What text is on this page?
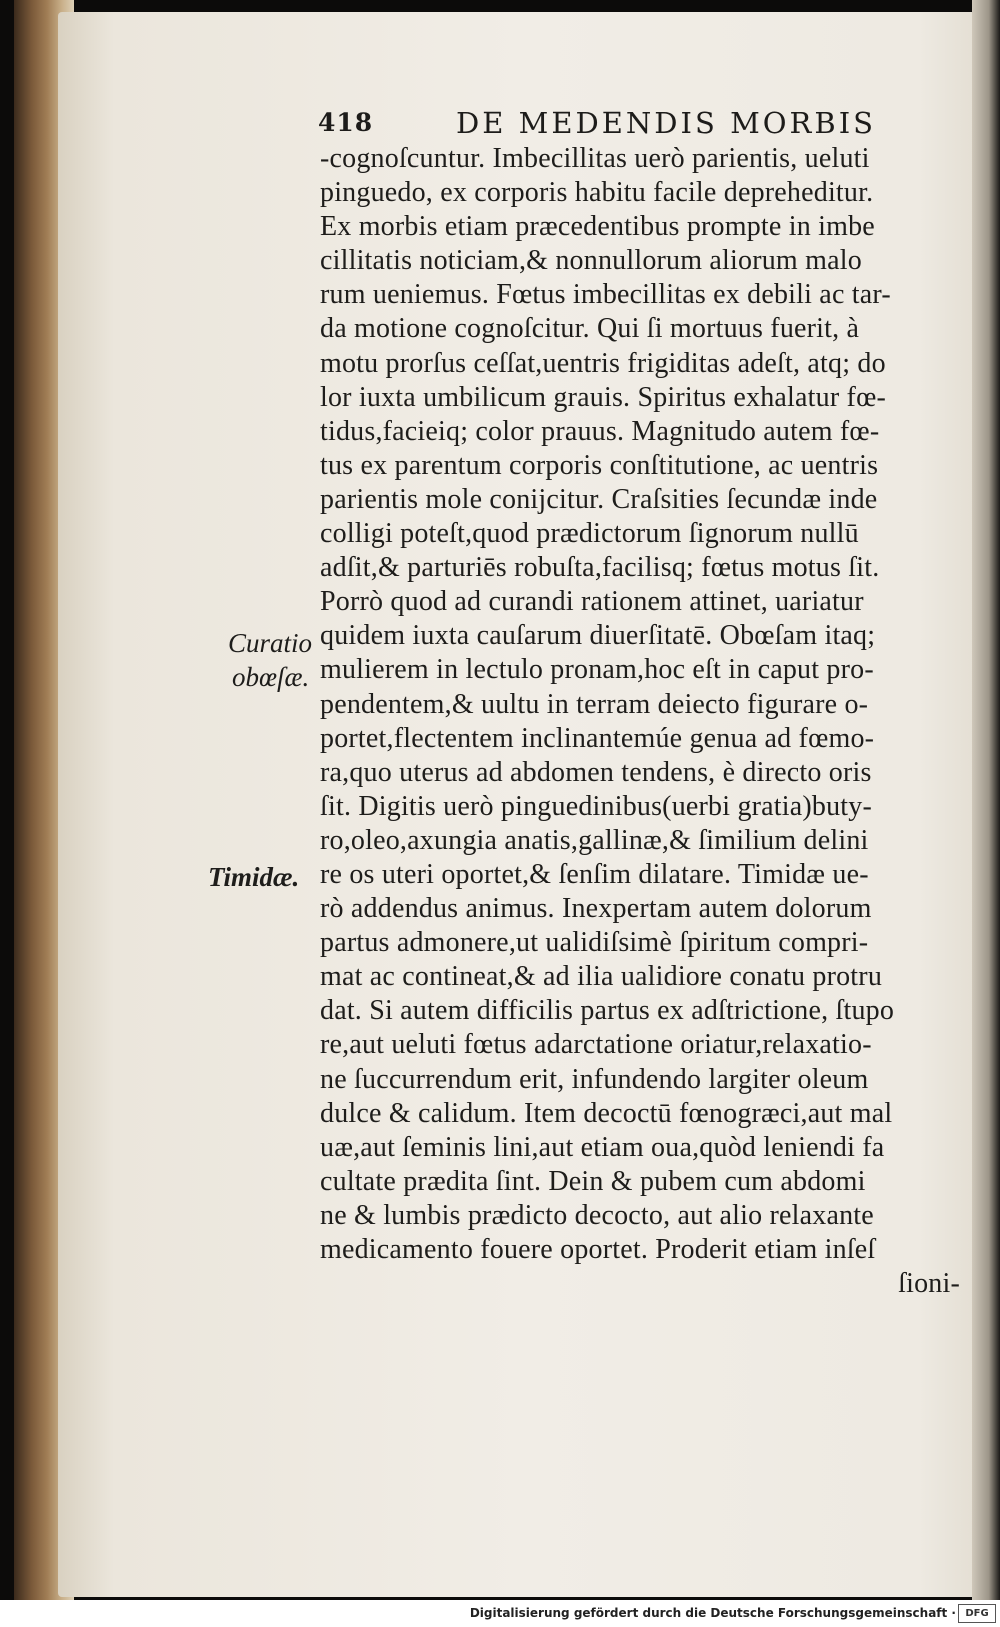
418	DE MEDENDIS MORBIS
-cognoſcuntur. Imbecillitas uerò parientis, ueluti
pinguedo, ex corporis habitu facile depreheditur.
Ex morbis etiam præcedentibus prompte in imbe
cillitatis noticiam,& nonnullorum aliorum malo
rum ueniemus. Fœtus imbecillitas ex debili ac tar-
da motione cognoſcitur. Qui ſi mortuus fuerit, à
motu prorſus ceſſat,uentris frigiditas adeſt, atq; do
lor iuxta umbilicum grauis. Spiritus exhalatur fœ-
tidus,facieiq; color prauus. Magnitudo autem fœ-
tus ex parentum corporis conſtitutione, ac uentris
parientis mole conijcitur. Craſsities ſecundæ inde
colligi poteſt,quod prædictorum ſignorum nullū
adſit,& parturiēs robuſta,facilisq; fœtus motus ſit.
Porrò quod ad curandi rationem attinet, uariatur
quidem iuxta cauſarum diuerſitatē. Obœſam itaq;
mulierem in lectulo pronam,hoc eſt in caput pro-
pendentem,& uultu in terram deiecto figurare o-
portet,flectentem inclinantemúe genua ad fœmo-
ra,quo uterus ad abdomen tendens, è directo oris
ſit. Digitis uerò pinguedinibus(uerbi gratia)buty-
ro,oleo,axungia anatis,gallinæ,& ſimilium delini
re os uteri oportet,& ſenſim dilatare. Timidæ ue-
rò addendus animus. Inexpertam autem dolorum
partus admonere,ut ualidiſsimè ſpiritum compri-
mat ac contineat,& ad ilia ualidiore conatu protru
dat. Si autem difficilis partus ex adſtrictione, ſtupo
re,aut ueluti fœtus adarctatione oriatur,relaxatio-
ne ſuccurrendum erit, infundendo largiter oleum
dulce & calidum. Item decoctū fœnogræci,aut mal
uæ,aut ſeminis lini,aut etiam oua,quòd leniendi fa
cultate prædita ſint. Dein & pubem cum abdomi
ne & lumbis prædicto decocto, aut alio relaxante
medicamento fouere oportet. Proderit etiam inſeſ
ſioni-
Curatio
obœſæ.
Timidæ.
Digitalisierung gefördert durch die Deutsche Forschungsgemeinschaft · DFG
